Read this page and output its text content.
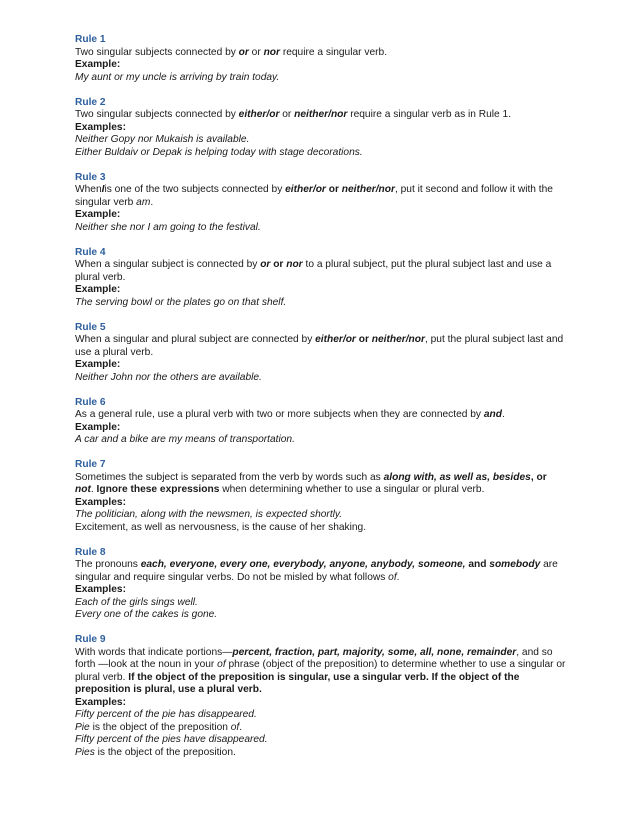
Rule 1
Two singular subjects connected by or or nor require a singular verb.
Example:
My aunt or my uncle is arriving by train today.
Rule 2
Two singular subjects connected by either/or or neither/nor require a singular verb as in Rule 1.
Examples:
Neither Gopy nor Mukaish is available.
Either Buldaiv or Depak is helping today with stage decorations.
Rule 3
WhenIis one of the two subjects connected by either/or or neither/nor, put it second and follow it with the singular verb am.
Example:
Neither she nor I am going to the festival.
Rule 4
When a singular subject is connected by or or nor to a plural subject, put the plural subject last and use a plural verb.
Example:
The serving bowl or the plates go on that shelf.
Rule 5
When a singular and plural subject are connected by either/or or neither/nor, put the plural subject last and use a plural verb.
Example:
Neither John nor the others are available.
Rule 6
As a general rule, use a plural verb with two or more subjects when they are connected by and.
Example:
A car and a bike are my means of transportation.
Rule 7
Sometimes the subject is separated from the verb by words such as along with, as well as, besides, or not. Ignore these expressions when determining whether to use a singular or plural verb.
Examples:
The politician, along with the newsmen, is expected shortly.
Excitement, as well as nervousness, is the cause of her shaking.
Rule 8
The pronouns each, everyone, every one, everybody, anyone, anybody, someone, and somebody are singular and require singular verbs. Do not be misled by what follows of.
Examples:
Each of the girls sings well.
Every one of the cakes is gone.
Rule 9
With words that indicate portions—percent, fraction, part, majority, some, all, none, remainder, and so forth —look at the noun in your of phrase (object of the preposition) to determine whether to use a singular or plural verb. If the object of the preposition is singular, use a singular verb. If the object of the preposition is plural, use a plural verb.
Examples:
Fifty percent of the pie has disappeared.
Pie is the object of the preposition of.
Fifty percent of the pies have disappeared.
Pies is the object of the preposition.
